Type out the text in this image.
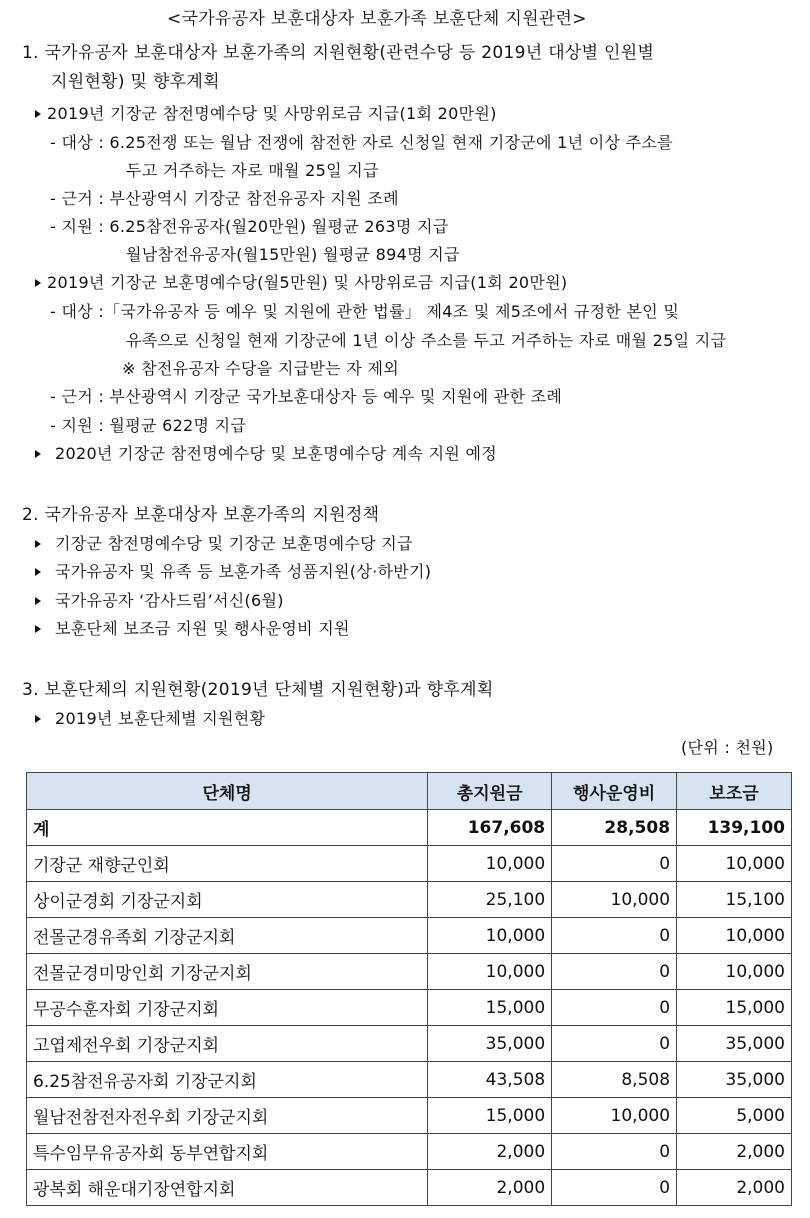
<국가유공자 보훈대상자 보훈가족 보훈단체 지원관련>
1. 국가유공자 보훈대상자 보훈가족의 지원현황(관련수당 등 2019년 대상별 인원별
지원현황) 및 향후계획
2019년 기장군 참전명예수당 및 사망위로금 지급(1회 20만원)
- 대상 : 6.25전쟁 또는 월남 전쟁에 참전한 자로 신청일 현재 기장군에 1년 이상 주소를
두고 거주하는 자로 매월 25일 지급
- 근거 : 부산광역시 기장군 참전유공자 지원 조례
- 지원 : 6.25참전유공자(월20만원) 월평균 263명 지급
월남참전유공자(월15만원) 월평균 894명 지급
2019년 기장군 보훈명예수당(월5만원) 및 사망위로금 지급(1회 20만원)
- 대상 :「국가유공자 등 예우 및 지원에 관한 법률」 제4조 및 제5조에서 규정한 본인 및
유족으로 신청일 현재 기장군에 1년 이상 주소를 두고 거주하는 자로 매월 25일 지급
※ 참전유공자 수당을 지급받는 자 제외
- 근거 : 부산광역시 기장군 국가보훈대상자 등 예우 및 지원에 관한 조례
- 지원 : 월평균 622명 지급
2020년 기장군 참전명예수당 및 보훈명예수당 계속 지원 예정
2. 국가유공자 보훈대상자 보훈가족의 지원정책
기장군 참전명예수당 및 기장군 보훈명예수당 지급
국가유공자 및 유족 등 보훈가족 성품지원(상·하반기)
국가유공자 ‘감사드림’서신(6월)
보훈단체 보조금 지원 및 행사운영비 지원
3. 보훈단체의 지원현황(2019년 단체별 지원현황)과 향후계획
2019년 보훈단체별 지원현황
(단위 : 천원)
단체명	총지원금	행사운영비	보조금
계	167,608	28,508	139,100
기장군 재향군인회	10,000	0	10,000
상이군경회 기장군지회	25,100	10,000	15,100
전몰군경유족회 기장군지회	10,000	0	10,000
전몰군경미망인회 기장군지회	10,000	0	10,000
무공수훈자회 기장군지회	15,000	0	15,000
고엽제전우회 기장군지회	35,000	0	35,000
6.25참전유공자회 기장군지회	43,508	8,508	35,000
월남전참전자전우회 기장군지회	15,000	10,000	5,000
특수임무유공자회 동부연합지회	2,000	0	2,000
광복회 해운대기장연합지회	2,000	0	2,000
